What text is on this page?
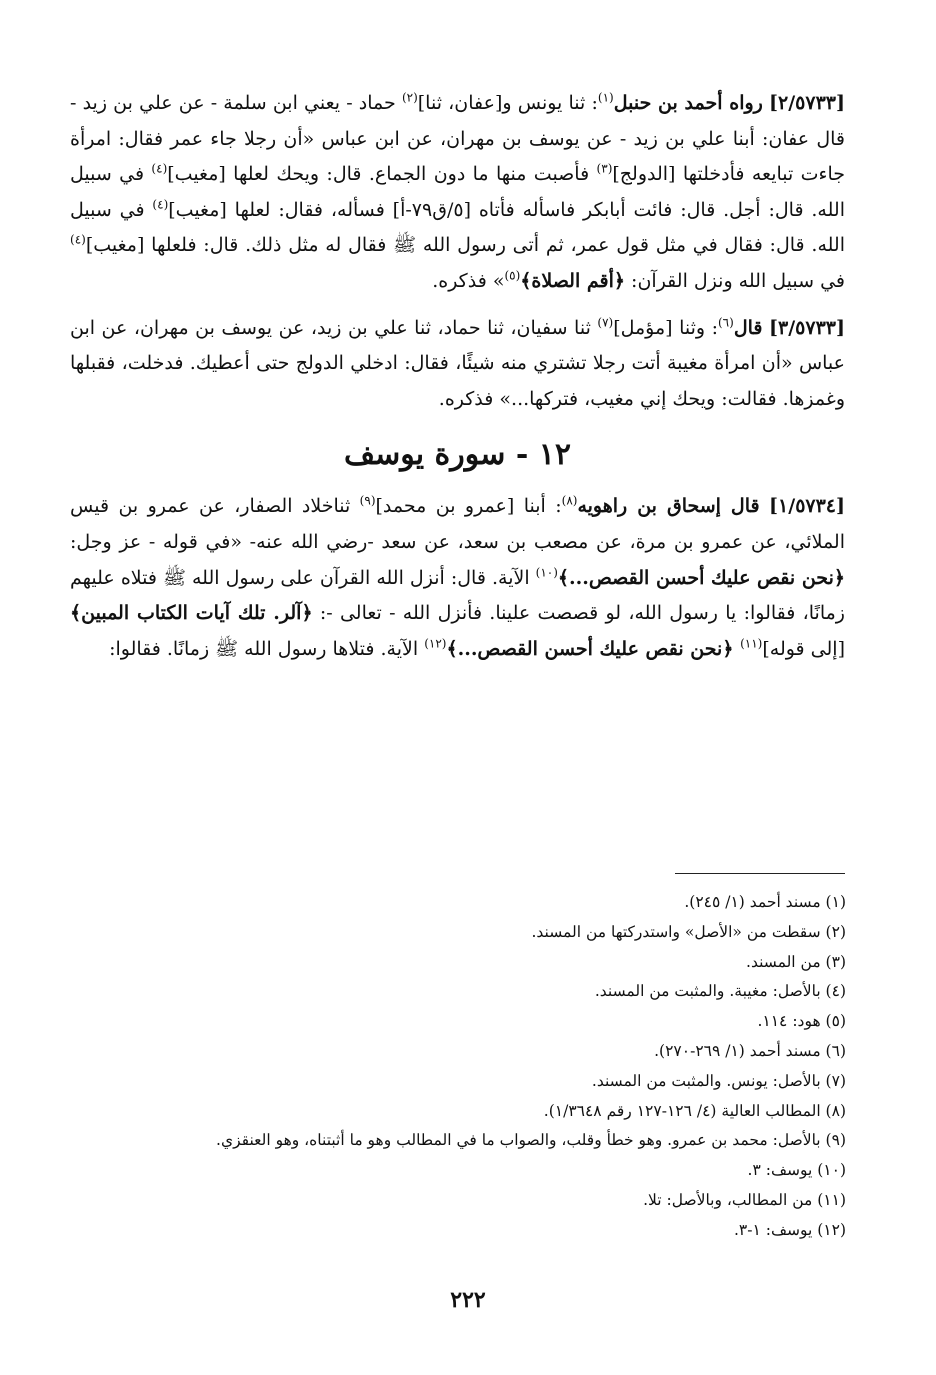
[٢/٥٧٣٣] رواه أحمد بن حنبل$^{(١)}$: ثنا يونس و[عفان، ثنا]$^{(٢)}$ حماد - يعني ابن سلمة - عن علي بن زيد - قال عفان: أبنا علي بن زيد - عن يوسف بن مهران، عن ابن عباس «أن رجلا جاء عمر فقال: امرأة جاءت تبايعه فأدخلتها [الدولج]$^{(٣)}$ فأصبت منها ما دون الجماع. قال: ويحك لعلها [مغيب]$^{(٤)}$ في سبيل الله. قال: أجل. قال: فائت أبابكر فاسأله فأتاه [٥/ق٧٩-أ] فسأله، فقال: لعلها [مغيب]$^{(٤)}$ في سبيل الله. قال: فقال في مثل قول عمر، ثم أتى رسول الله ﷺ فقال له مثل ذلك. قال: فلعلها [مغيب]$^{(٤)}$ في سبيل الله ونزل القرآن: ﴿أقم الصلاة﴾$^{(٥)}$» فذكره.

[٣/٥٧٣٣] قال$^{(٦)}$: وثنا [مؤمل]$^{(٧)}$ ثنا سفيان، ثنا حماد، ثنا علي بن زيد، عن يوسف بن مهران، عن ابن عباس «أن امرأة مغيبة أتت رجلا تشتري منه شيئًا، فقال: ادخلي الدولج حتى أعطيك. فدخلت، فقبلها وغمزها. فقالت: ويحك إني مغيب، فتركها...» فذكره.

١٢ - سورة يوسف

[١/٥٧٣٤] قال إسحاق بن راهويه$^{(٨)}$: أبنا [عمرو بن محمد]$^{(٩)}$ ثناخلاد الصفار، عن عمرو بن قيس الملائي، عن عمرو بن مرة، عن مصعب بن سعد، عن سعد -رضي الله عنه- «في قوله - عز وجل: ﴿نحن نقص عليك أحسن القصص...﴾$^{(١٠)}$ الآية. قال: أنزل الله القرآن على رسول الله ﷺ فتلاه عليهم زمانًا، فقالوا: يا رسول الله، لو قصصت علينا. فأنزل الله - تعالى -: ﴿آلر. تلك آيات الكتاب المبين﴾ [إلى قوله]$^{(١١)}$ ﴿نحن نقص عليك أحسن القصص...﴾$^{(١٢)}$ الآية. فتلاها رسول الله ﷺ زمانًا. فقالوا:

(١) مسند أحمد (١/ ٢٤٥).
(٢) سقطت من «الأصل» واستدركتها من المسند.
(٣) من المسند.
(٤) بالأصل: مغيبة. والمثبت من المسند.
(٥) هود: ١١٤.
(٦) مسند أحمد (١/ ٢٦٩-٢٧٠).
(٧) بالأصل: يونس. والمثبت من المسند.
(٨) المطالب العالية (٤/ ١٢٦-١٢٧ رقم ١/٣٦٤٨).
(٩) بالأصل: محمد بن عمرو. وهو خطأ وقلب، والصواب ما في المطالب وهو ما أثبتناه، وهو العنقزي.
(١٠) يوسف: ٣.
(١١) من المطالب، وبالأصل: تلا.
(١٢) يوسف: ١-٣.
٢٢٢
